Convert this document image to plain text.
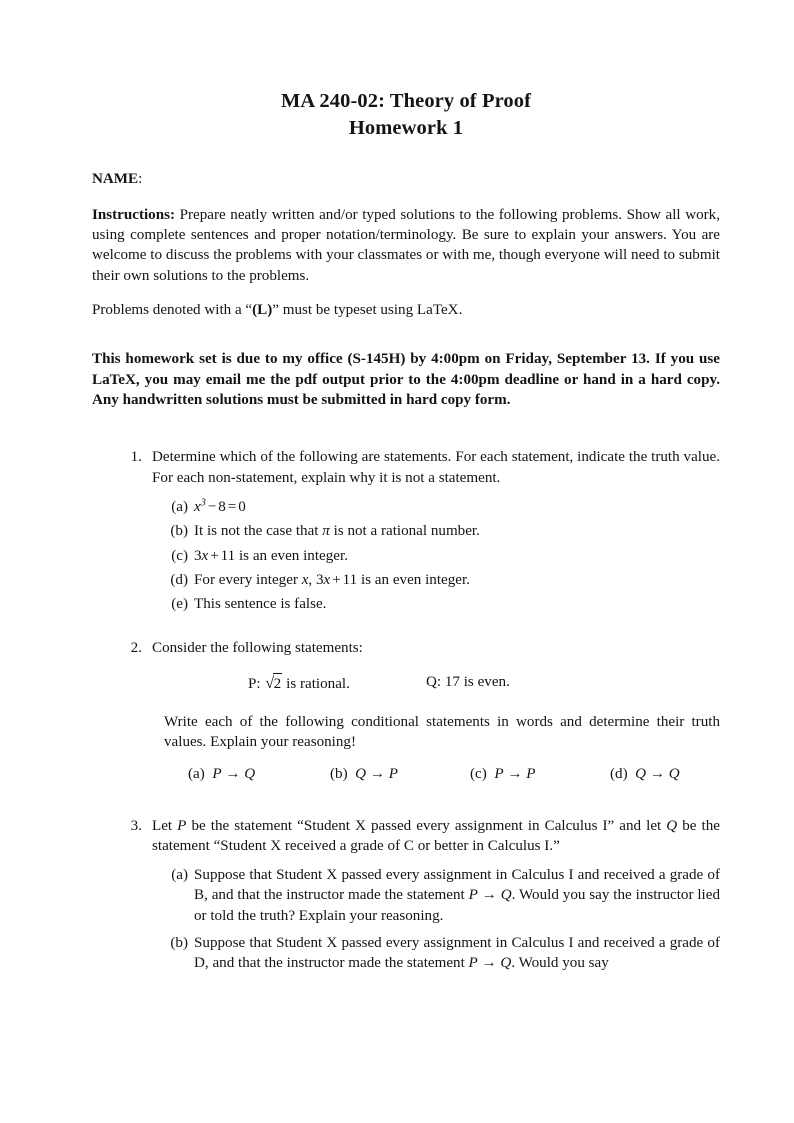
MA 240-02: Theory of Proof
Homework 1

NAME:

Instructions: Prepare neatly written and/or typed solutions to the following problems. Show all work, using complete sentences and proper notation/terminology. Be sure to explain your answers. You are welcome to discuss the problems with your classmates or with me, though everyone will need to submit their own solutions to the problems.

Problems denoted with a “(L)” must be typeset using LaTeX.

This homework set is due to my office (S-145H) by 4:00pm on Friday, September 13. If you use LaTeX, you may email me the pdf output prior to the 4:00pm deadline or hand in a hard copy. Any handwritten solutions must be submitted in hard copy form.

1. Determine which of the following are statements. For each statement, indicate the truth value. For each non-statement, explain why it is not a statement.
(a) $x^3 - 8 = 0$
(b) It is not the case that π is not a rational number.
(c) 3x + 11 is an even integer.
(d) For every integer x, 3x + 11 is an even integer.
(e) This sentence is false.
2. Consider the following statements:
P: √2 is rational.	Q: 17 is even.
Write each of the following conditional statements in words and determine their truth values. Explain your reasoning!
(a) P → Q	(b) Q → P	(c) P → P	(d) Q → Q
3. Let P be the statement “Student X passed every assignment in Calculus I” and let Q be the statement “Student X received a grade of C or better in Calculus I.”
(a) Suppose that Student X passed every assignment in Calculus I and received a grade of B, and that the instructor made the statement P → Q. Would you say the instructor lied or told the truth? Explain your reasoning.
(b) Suppose that Student X passed every assignment in Calculus I and received a grade of D, and that the instructor made the statement P → Q. Would you say
